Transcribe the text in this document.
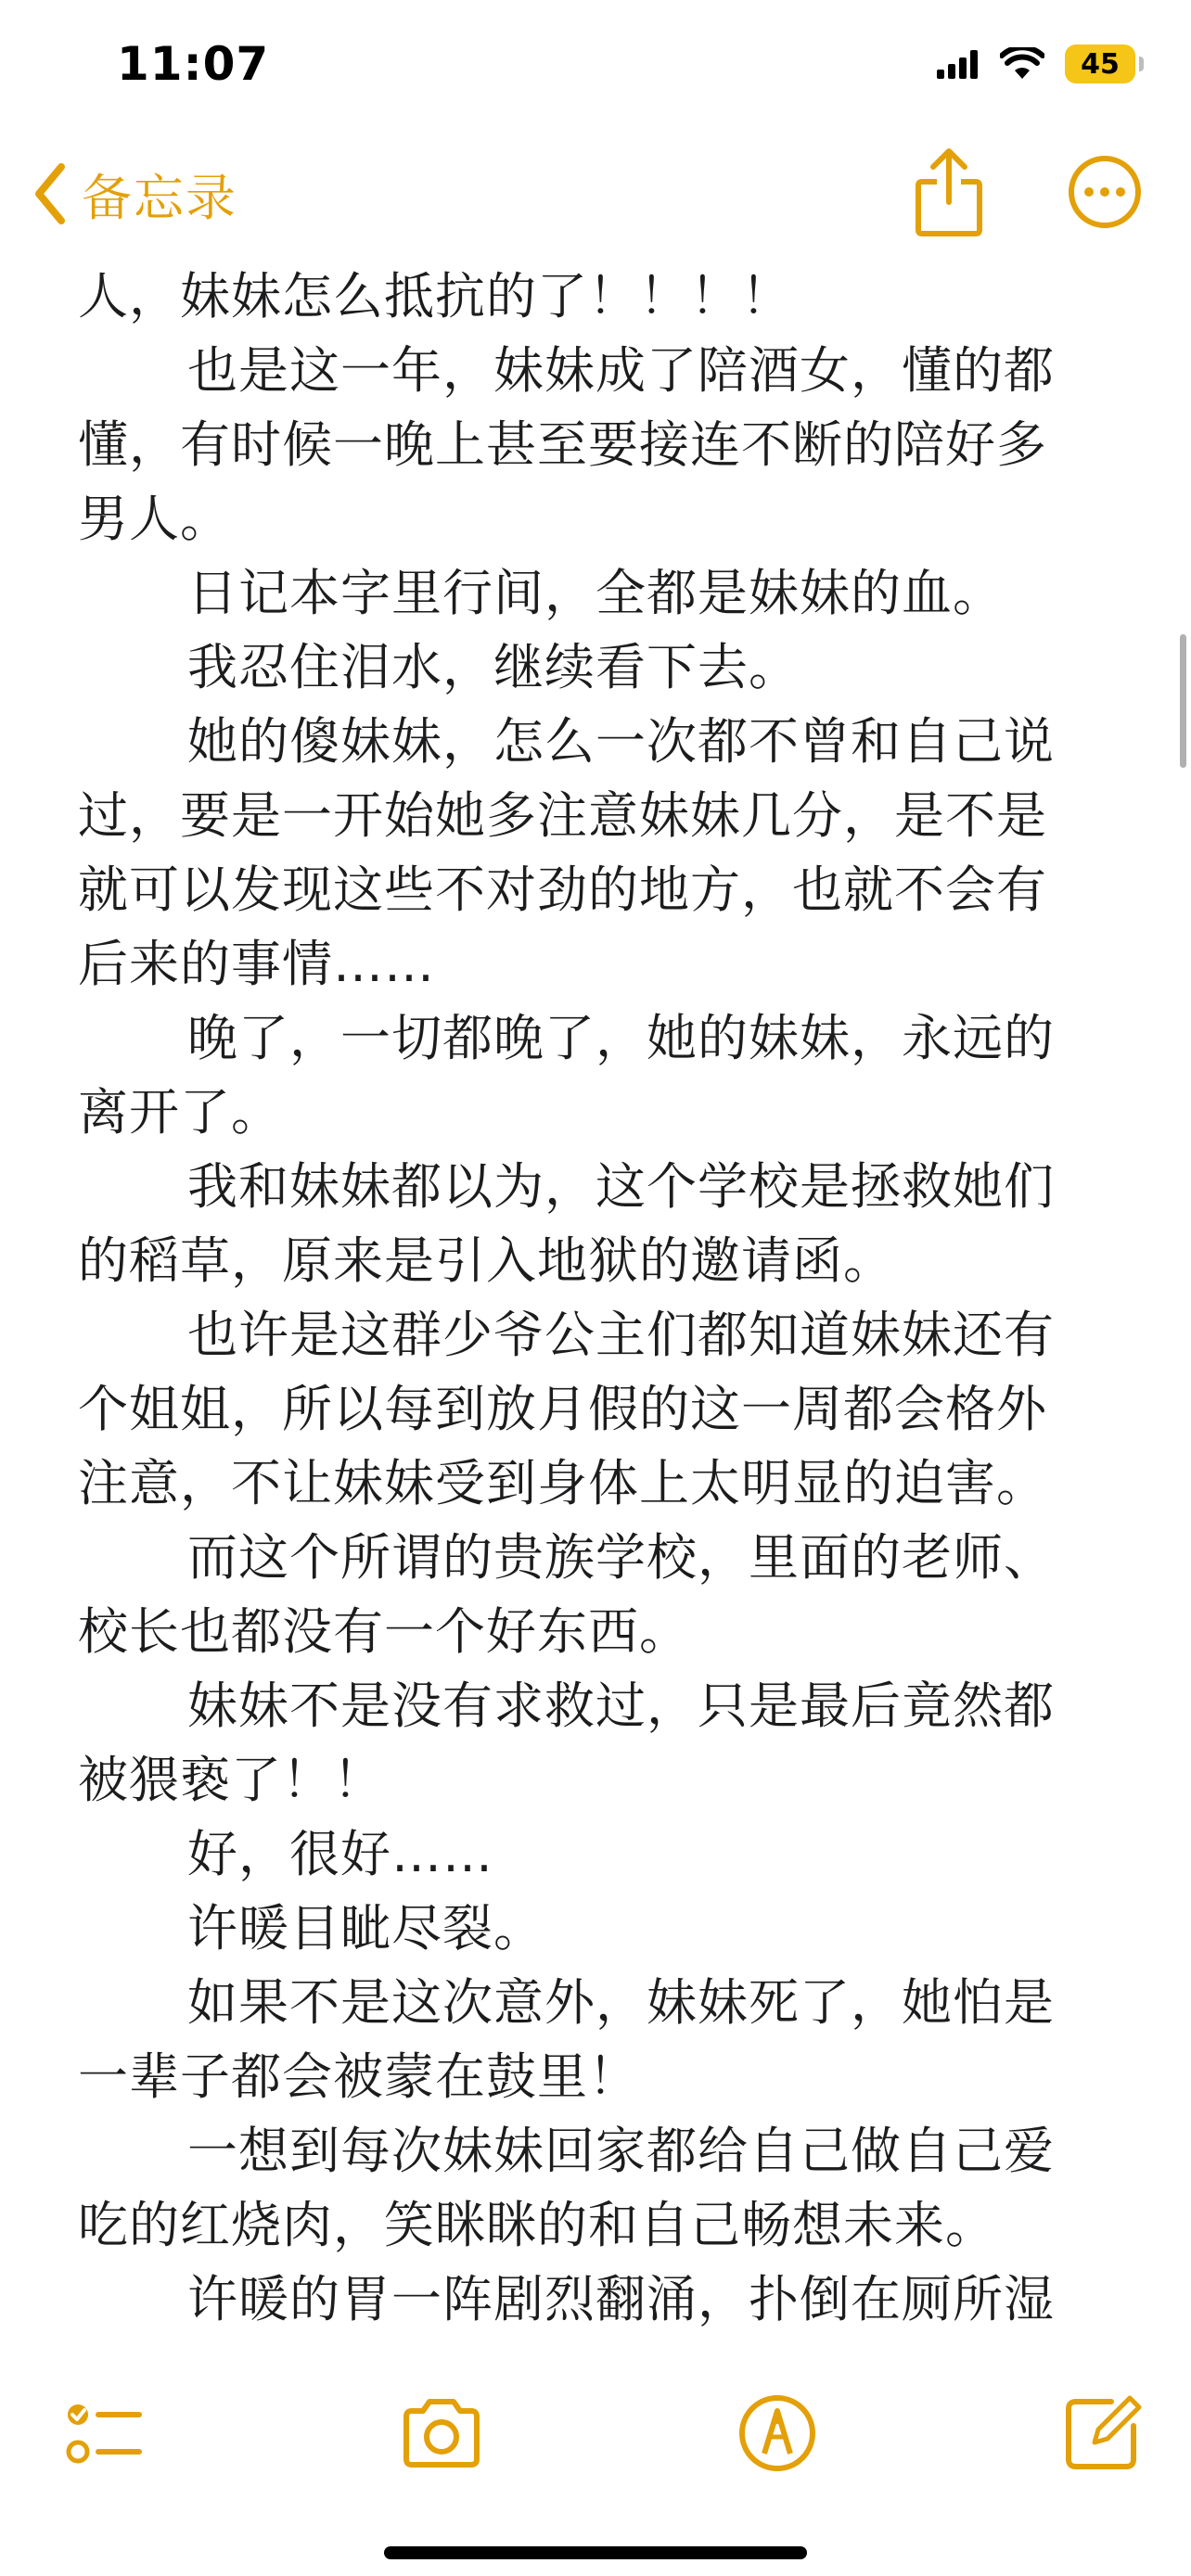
11:07	45
备忘录
人，妹妹怎么抵抗的了！！！！
也是这一年，妹妹成了陪酒女，懂的都
懂，有时候一晚上甚至要接连不断的陪好多
男人。
日记本字里行间，全都是妹妹的血。
我忍住泪水，继续看下去。
她的傻妹妹，怎么一次都不曾和自己说
过，要是一开始她多注意妹妹几分，是不是
就可以发现这些不对劲的地方，也就不会有
后来的事情……
晚了，一切都晚了，她的妹妹，永远的
离开了。
我和妹妹都以为，这个学校是拯救她们
的稻草，原来是引入地狱的邀请函。
也许是这群少爷公主们都知道妹妹还有
个姐姐，所以每到放月假的这一周都会格外
注意，不让妹妹受到身体上太明显的迫害。
而这个所谓的贵族学校，里面的老师、
校长也都没有一个好东西。
妹妹不是没有求救过，只是最后竟然都
被猥亵了！！
好，很好……
许暖目眦尽裂。
如果不是这次意外，妹妹死了，她怕是
一辈子都会被蒙在鼓里！
一想到每次妹妹回家都给自己做自己爱
吃的红烧肉，笑眯眯的和自己畅想未来。
许暖的胃一阵剧烈翻涌，扑倒在厕所湿
